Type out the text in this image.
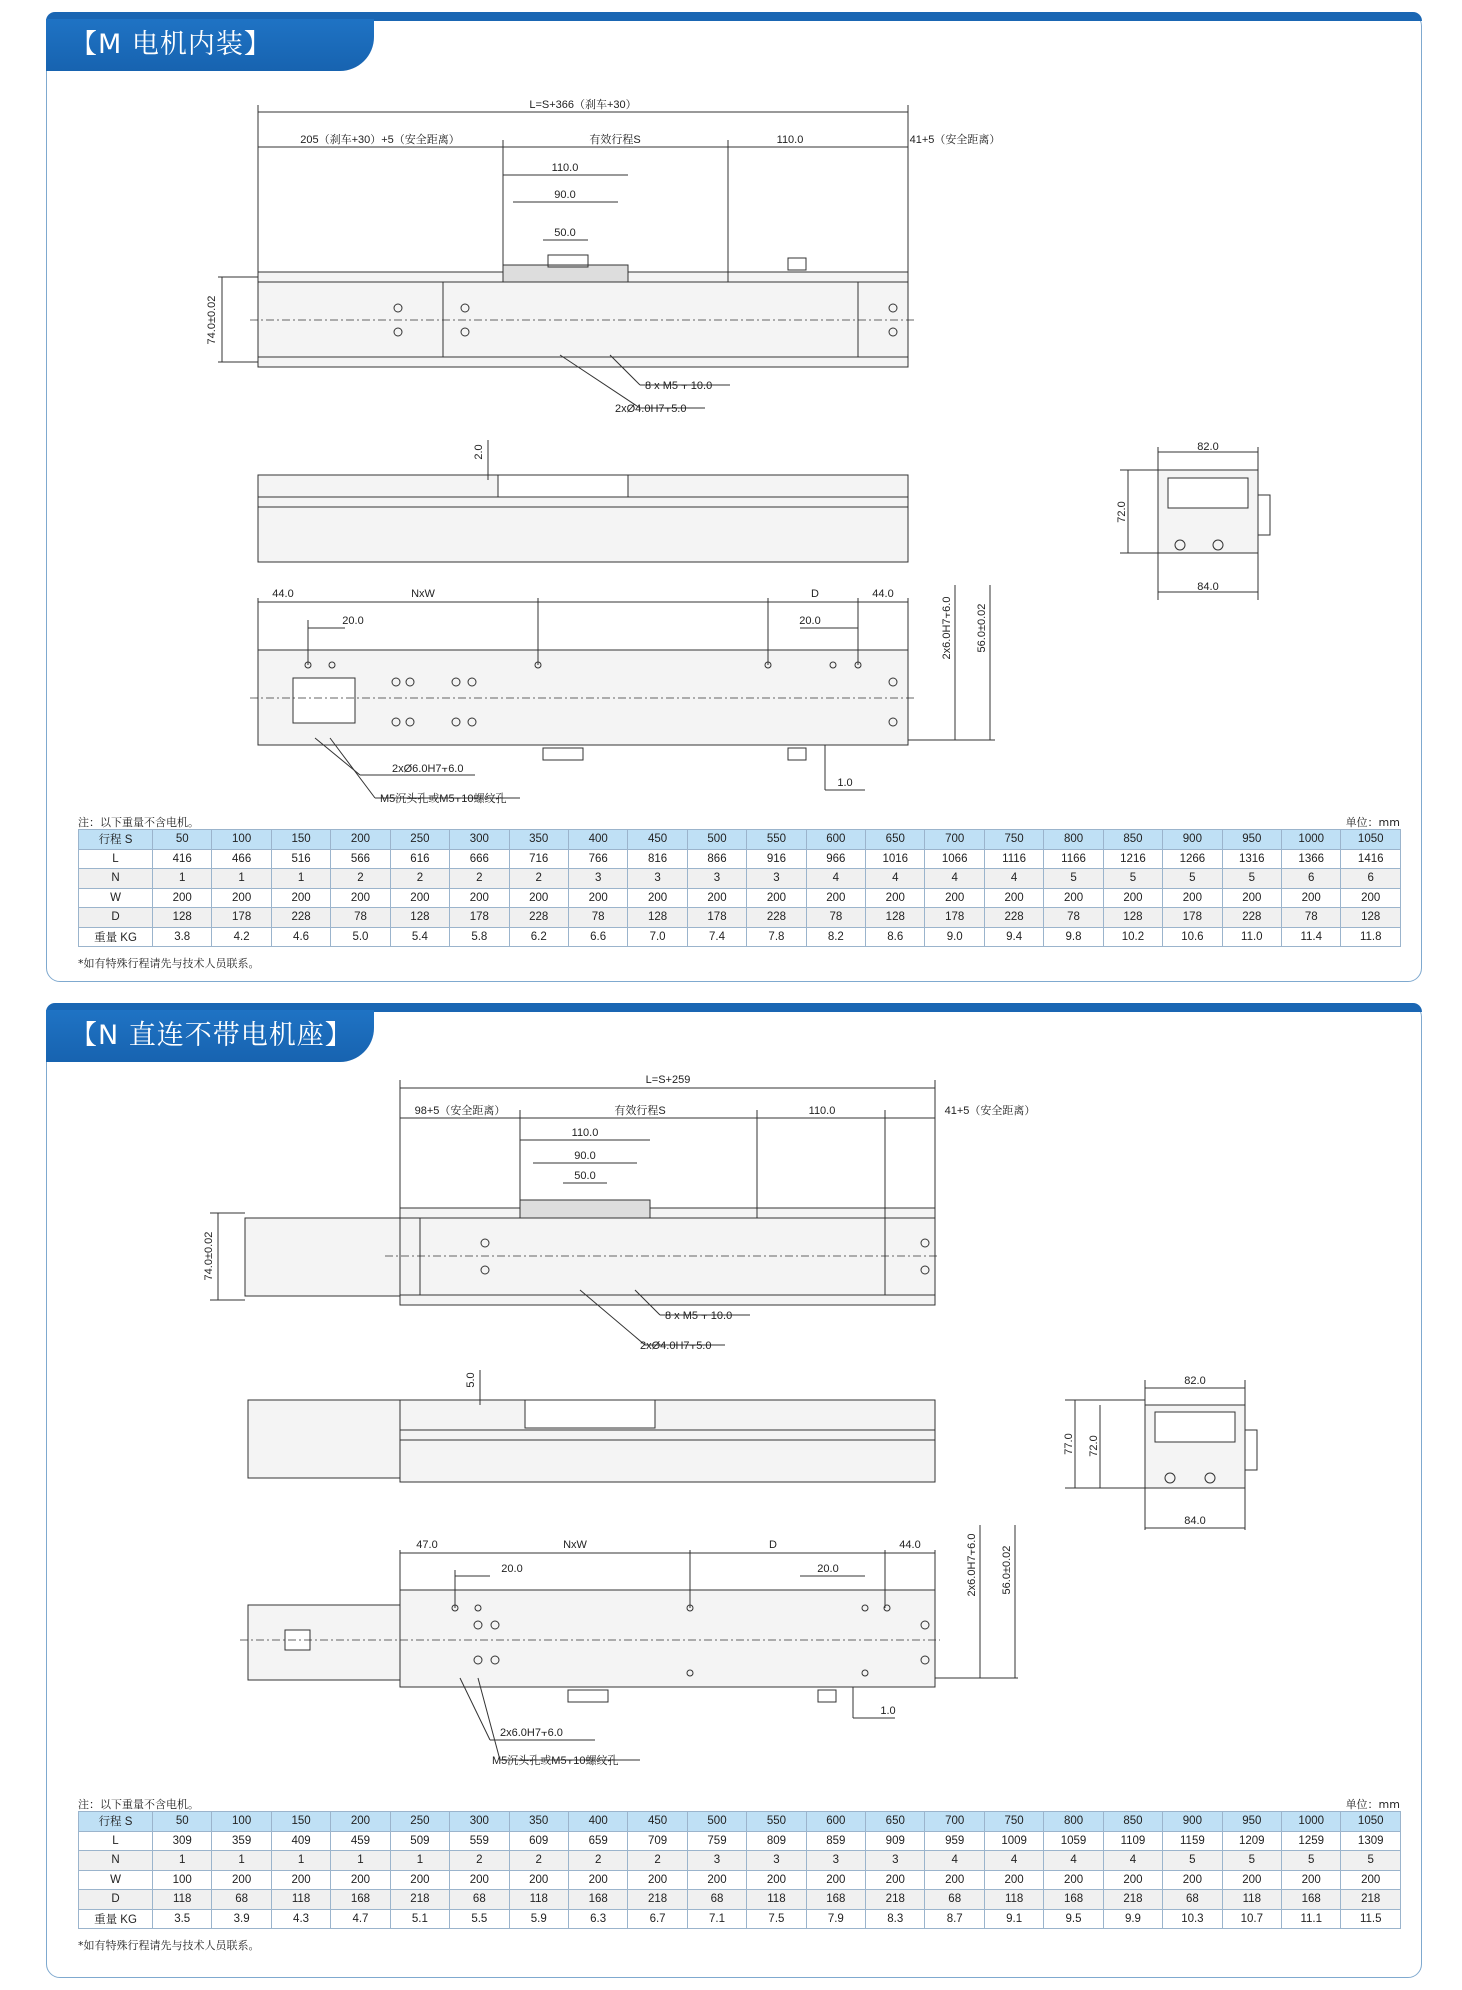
【M 电机内装】
L=S+366（刹车+30）
205（刹车+30）+5（安全距离）	有效行程S	110.0	41+5（安全距离）
110.0
90.0
50.0
74.0±0.02
8 x M5 ⫟ 10.0
2xØ4.0H7⫟5.0
2.0	82.0
72.0
84.0
44.0	NxW
20.0
D	44.0
20.0	2x6.0H7⫟6.0 56.0±0.02
2xØ6.0H7⫟6.0
M5沉头孔或M5⫟10螺纹孔
1.0
注：以下重量不含电机。	单位：mm
行程 S	50	100	150	200	250	300	350	400	450	500	550	600	650	700	750	800	850	900	950	1000	1050
L	416	466	516	566	616	666	716	766	816	866	916	966	1016	1066	1116	1166	1216	1266	1316	1366	1416
N	1	1	1	2	2	2	2	3	3	3	3	4	4	4	4	5	5	5	5	6	6
W	200	200	200	200	200	200	200	200	200	200	200	200	200	200	200	200	200	200	200	200	200
D	128	178	228	78	128	178	228	78	128	178	228	78	128	178	228	78	128	178	228	78	128
重量 KG	3.8	4.2	4.6	5.0	5.4	5.8	6.2	6.6	7.0	7.4	7.8	8.2	8.6	9.0	9.4	9.8	10.2	10.6	11.0	11.4	11.8
*如有特殊行程请先与技术人员联系。
【N 直连不带电机座】
L=S+259
98+5（安全距离）	有效行程S	110.0	41+5（安全距离）
110.0
90.0
50.0
74.0±0.02
8 x M5 ⫟ 10.0
2xØ4.0H7⫟5.0
5.0	82.0
77.0 72.0
84.0
47.0	NxW
20.0
D	44.0
20.0	2x6.0H7⫟6.0 56.0±0.02
2x6.0H7⫟6.0
M5沉头孔或M5⫟10螺纹孔
1.0
注：以下重量不含电机。	单位：mm
行程 S	50	100	150	200	250	300	350	400	450	500	550	600	650	700	750	800	850	900	950	1000	1050
L	309	359	409	459	509	559	609	659	709	759	809	859	909	959	1009	1059	1109	1159	1209	1259	1309
N	1	1	1	1	1	2	2	2	2	3	3	3	3	4	4	4	4	5	5	5	5
W	100	200	200	200	200	200	200	200	200	200	200	200	200	200	200	200	200	200	200	200	200
D	118	68	118	168	218	68	118	168	218	68	118	168	218	68	118	168	218	68	118	168	218
重量 KG	3.5	3.9	4.3	4.7	5.1	5.5	5.9	6.3	6.7	7.1	7.5	7.9	8.3	8.7	9.1	9.5	9.9	10.3	10.7	11.1	11.5
*如有特殊行程请先与技术人员联系。
